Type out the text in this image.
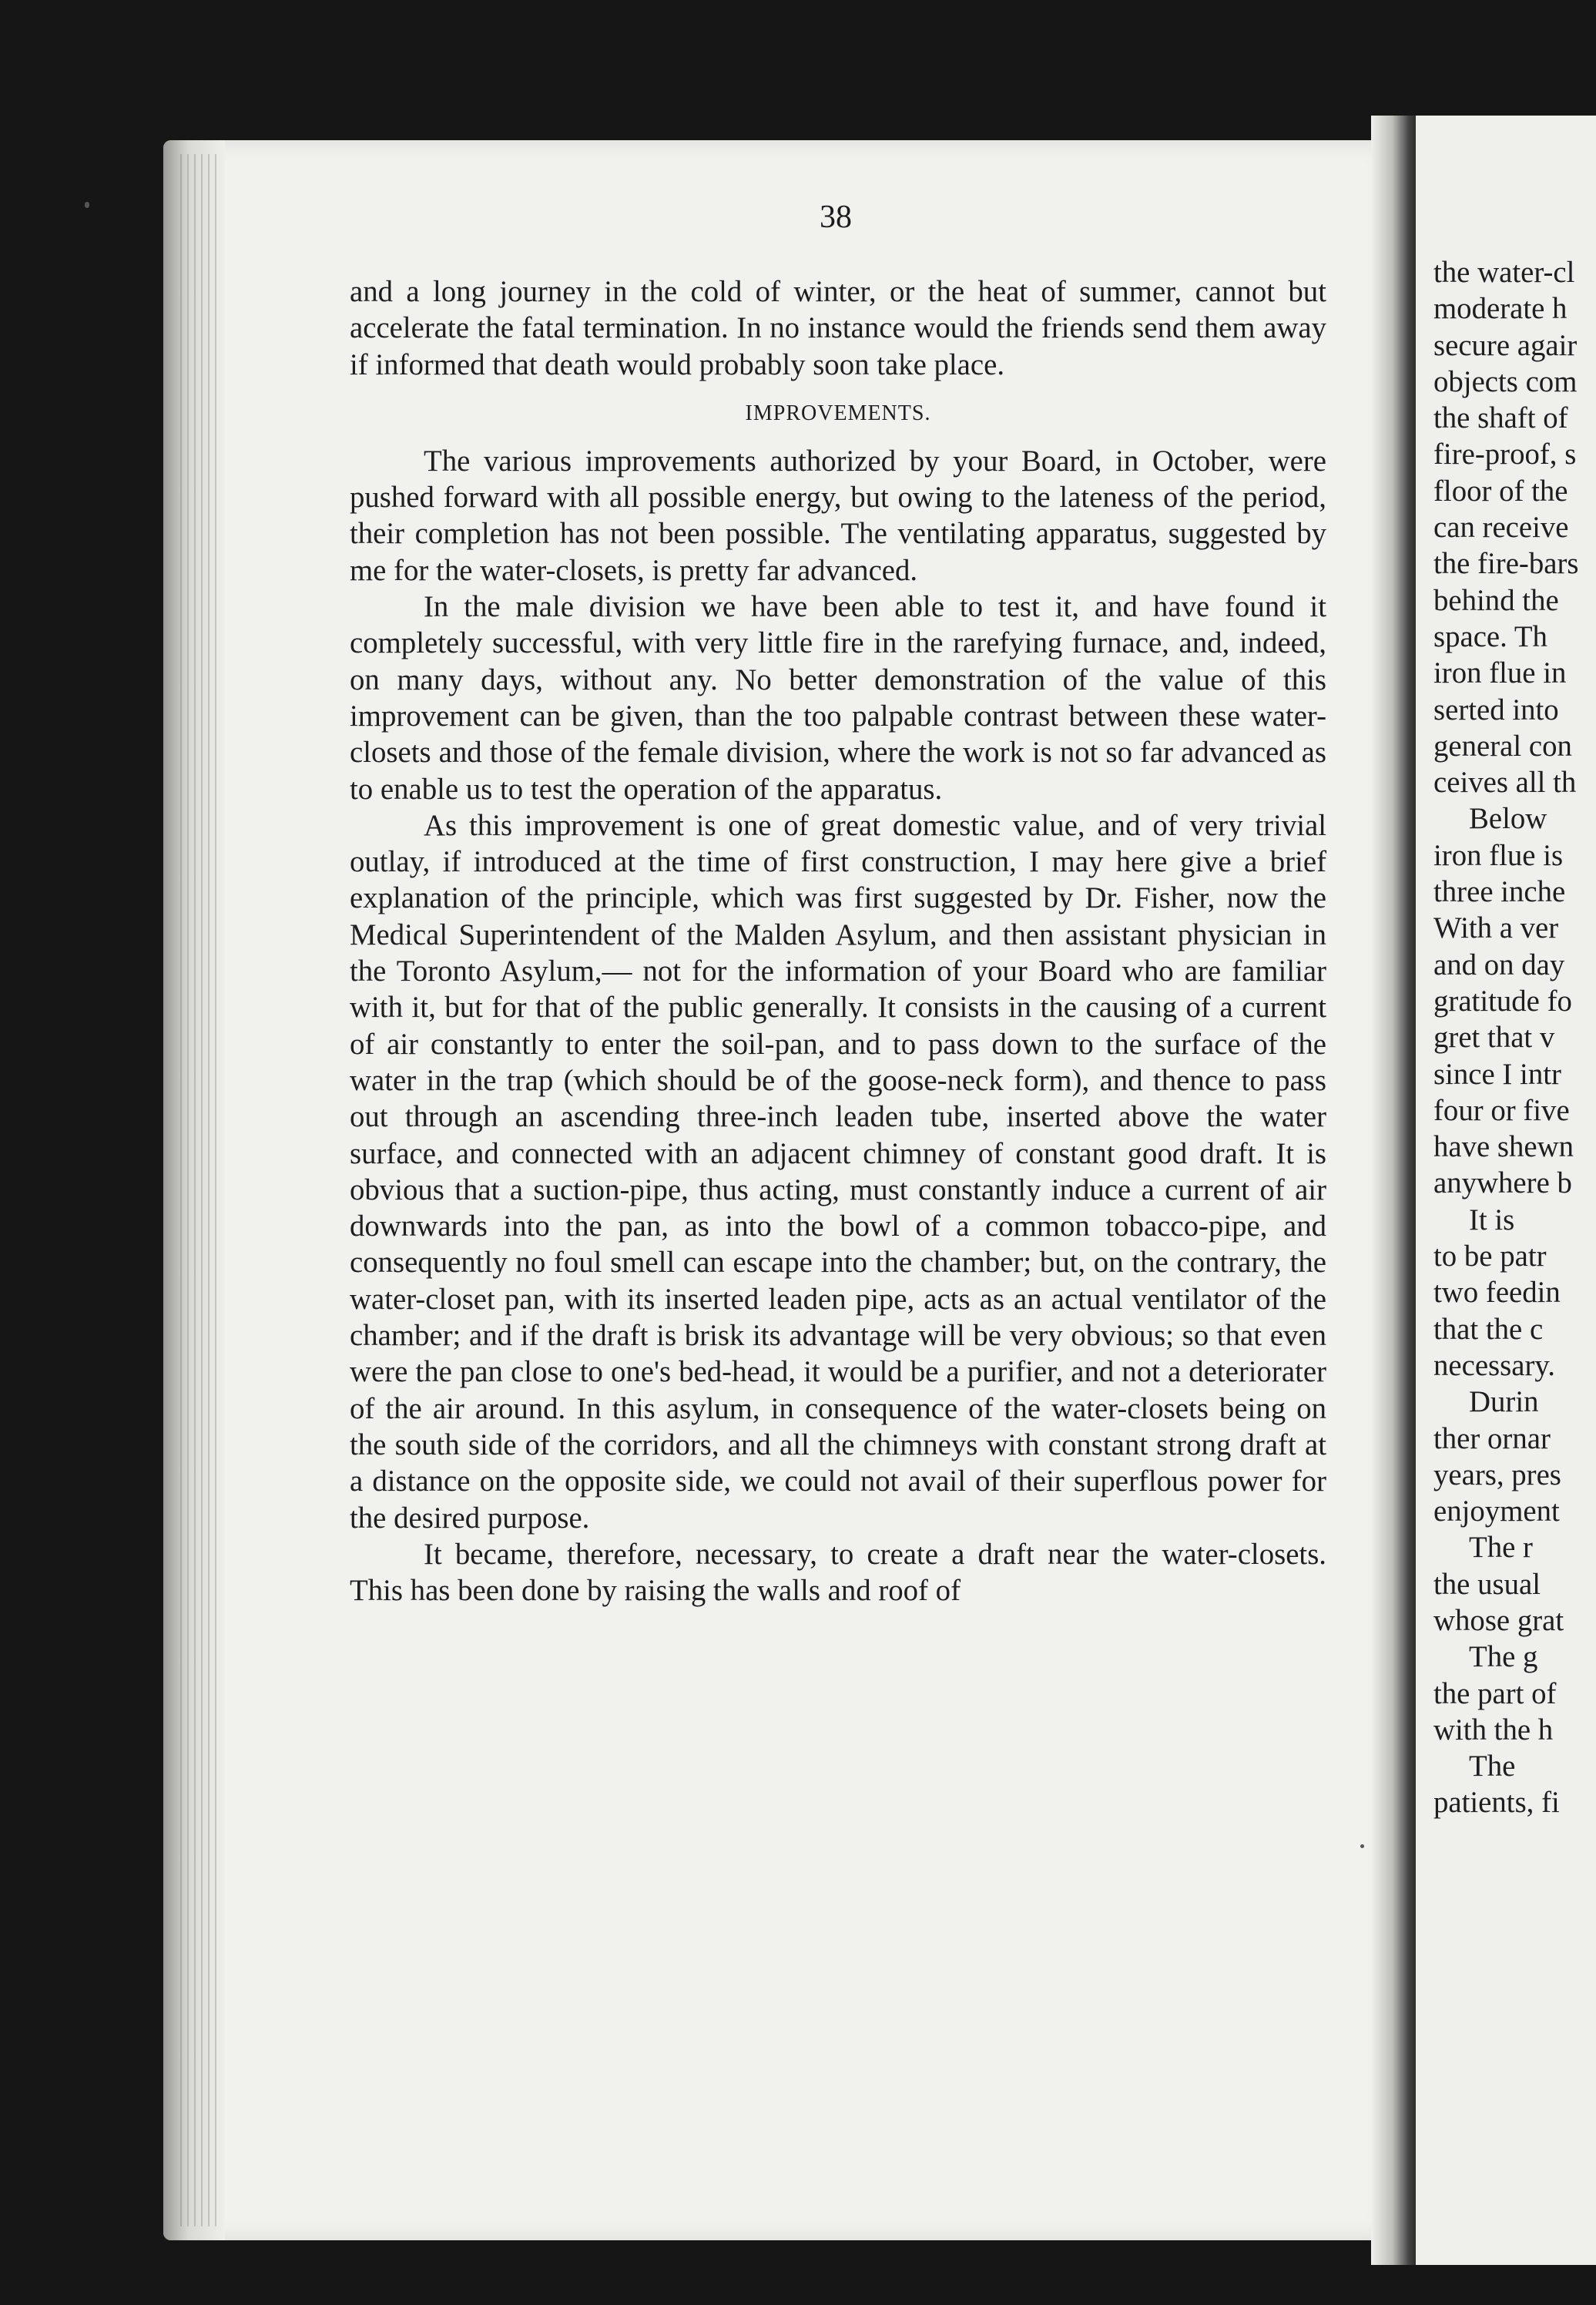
the water-cl
moderate h
secure agair
objects com
the shaft of
fire-proof, s
floor of the
can receive
the fire-bars
behind the
space. Th
iron flue in
serted into
general con
ceives all th
Below
iron flue is
three inche
With a ver
and on day
gratitude fo
gret that v
since I intr
four or five
have shewn
anywhere b
It is
to be patr
two feedin
that the c
necessary.
Durin
ther ornar
years, pres
enjoyment
The r
the usual
whose grat
The g
the part of
with the h
The
patients, fi
38

and a long journey in the cold of winter, or the heat of summer, cannot but accelerate the fatal termination. In no instance would the friends send them away if informed that death would probably soon take place.

IMPROVEMENTS.

The various improvements authorized by your Board, in October, were pushed forward with all possible energy, but owing to the lateness of the period, their completion has not been possible. The ventilating apparatus, suggested by me for the water-closets, is pretty far advanced.

In the male division we have been able to test it, and have found it completely successful, with very little fire in the rarefying furnace, and, indeed, on many days, without any. No better demonstration of the value of this improvement can be given, than the too palpable contrast between these water-closets and those of the female division, where the work is not so far advanced as to enable us to test the operation of the apparatus.

As this improvement is one of great domestic value, and of very trivial outlay, if introduced at the time of first construction, I may here give a brief explanation of the principle, which was first suggested by Dr. Fisher, now the Medical Superintendent of the Malden Asylum, and then assistant physician in the Toronto Asylum,— not for the information of your Board who are familiar with it, but for that of the public generally. It consists in the causing of a current of air constantly to enter the soil-pan, and to pass down to the surface of the water in the trap (which should be of the goose-neck form), and thence to pass out through an ascending three-inch leaden tube, inserted above the water surface, and connected with an adjacent chimney of constant good draft. It is obvious that a suction-pipe, thus acting, must constantly induce a current of air downwards into the pan, as into the bowl of a common tobacco-pipe, and consequently no foul smell can escape into the chamber; but, on the contrary, the water-closet pan, with its inserted leaden pipe, acts as an actual ventilator of the chamber; and if the draft is brisk its advantage will be very obvious; so that even were the pan close to one's bed-head, it would be a purifier, and not a deteriorater of the air around. In this asylum, in consequence of the water-closets being on the south side of the corridors, and all the chimneys with constant strong draft at a distance on the opposite side, we could not avail of their superflous power for the desired purpose.

It became, therefore, necessary, to create a draft near the water-closets. This has been done by raising the walls and roof of
